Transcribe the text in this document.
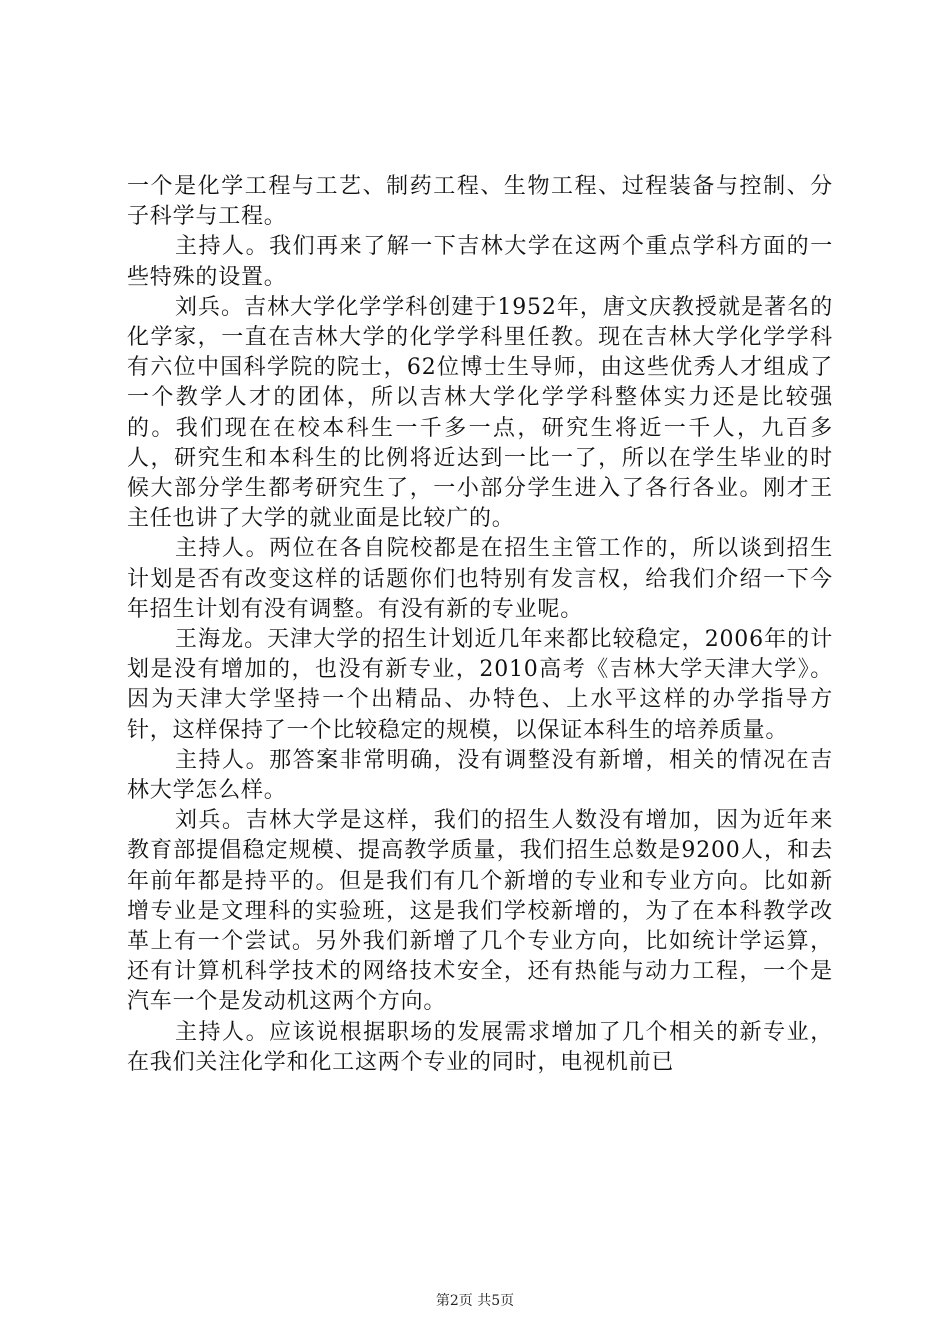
一个是化学工程与工艺、制药工程、生物工程、过程装备与控制、分子科学与工程。

主持人。我们再来了解一下吉林大学在这两个重点学科方面的一些特殊的设置。

刘兵。吉林大学化学学科创建于1952年，唐文庆教授就是著名的化学家，一直在吉林大学的化学学科里任教。现在吉林大学化学学科有六位中国科学院的院士，62位博士生导师，由这些优秀人才组成了一个教学人才的团体，所以吉林大学化学学科整体实力还是比较强的。我们现在在校本科生一千多一点，研究生将近一千人，九百多人，研究生和本科生的比例将近达到一比一了，所以在学生毕业的时候大部分学生都考研究生了，一小部分学生进入了各行各业。刚才王主任也讲了大学的就业面是比较广的。

主持人。两位在各自院校都是在招生主管工作的，所以谈到招生计划是否有改变这样的话题你们也特别有发言权，给我们介绍一下今年招生计划有没有调整。有没有新的专业呢。

王海龙。天津大学的招生计划近几年来都比较稳定，2006年的计划是没有增加的，也没有新专业，2010高考《吉林大学天津大学》。因为天津大学坚持一个出精品、办特色、上水平这样的办学指导方针，这样保持了一个比较稳定的规模，以保证本科生的培养质量。

主持人。那答案非常明确，没有调整没有新增，相关的情况在吉林大学怎么样。

刘兵。吉林大学是这样，我们的招生人数没有增加，因为近年来教育部提倡稳定规模、提高教学质量，我们招生总数是9200人，和去年前年都是持平的。但是我们有几个新增的专业和专业方向。比如新增专业是文理科的实验班，这是我们学校新增的，为了在本科教学改革上有一个尝试。另外我们新增了几个专业方向，比如统计学运算，还有计算机科学技术的网络技术安全，还有热能与动力工程，一个是汽车一个是发动机这两个方向。

主持人。应该说根据职场的发展需求增加了几个相关的新专业，在我们关注化学和化工这两个专业的同时，电视机前已

第2页 共5页
